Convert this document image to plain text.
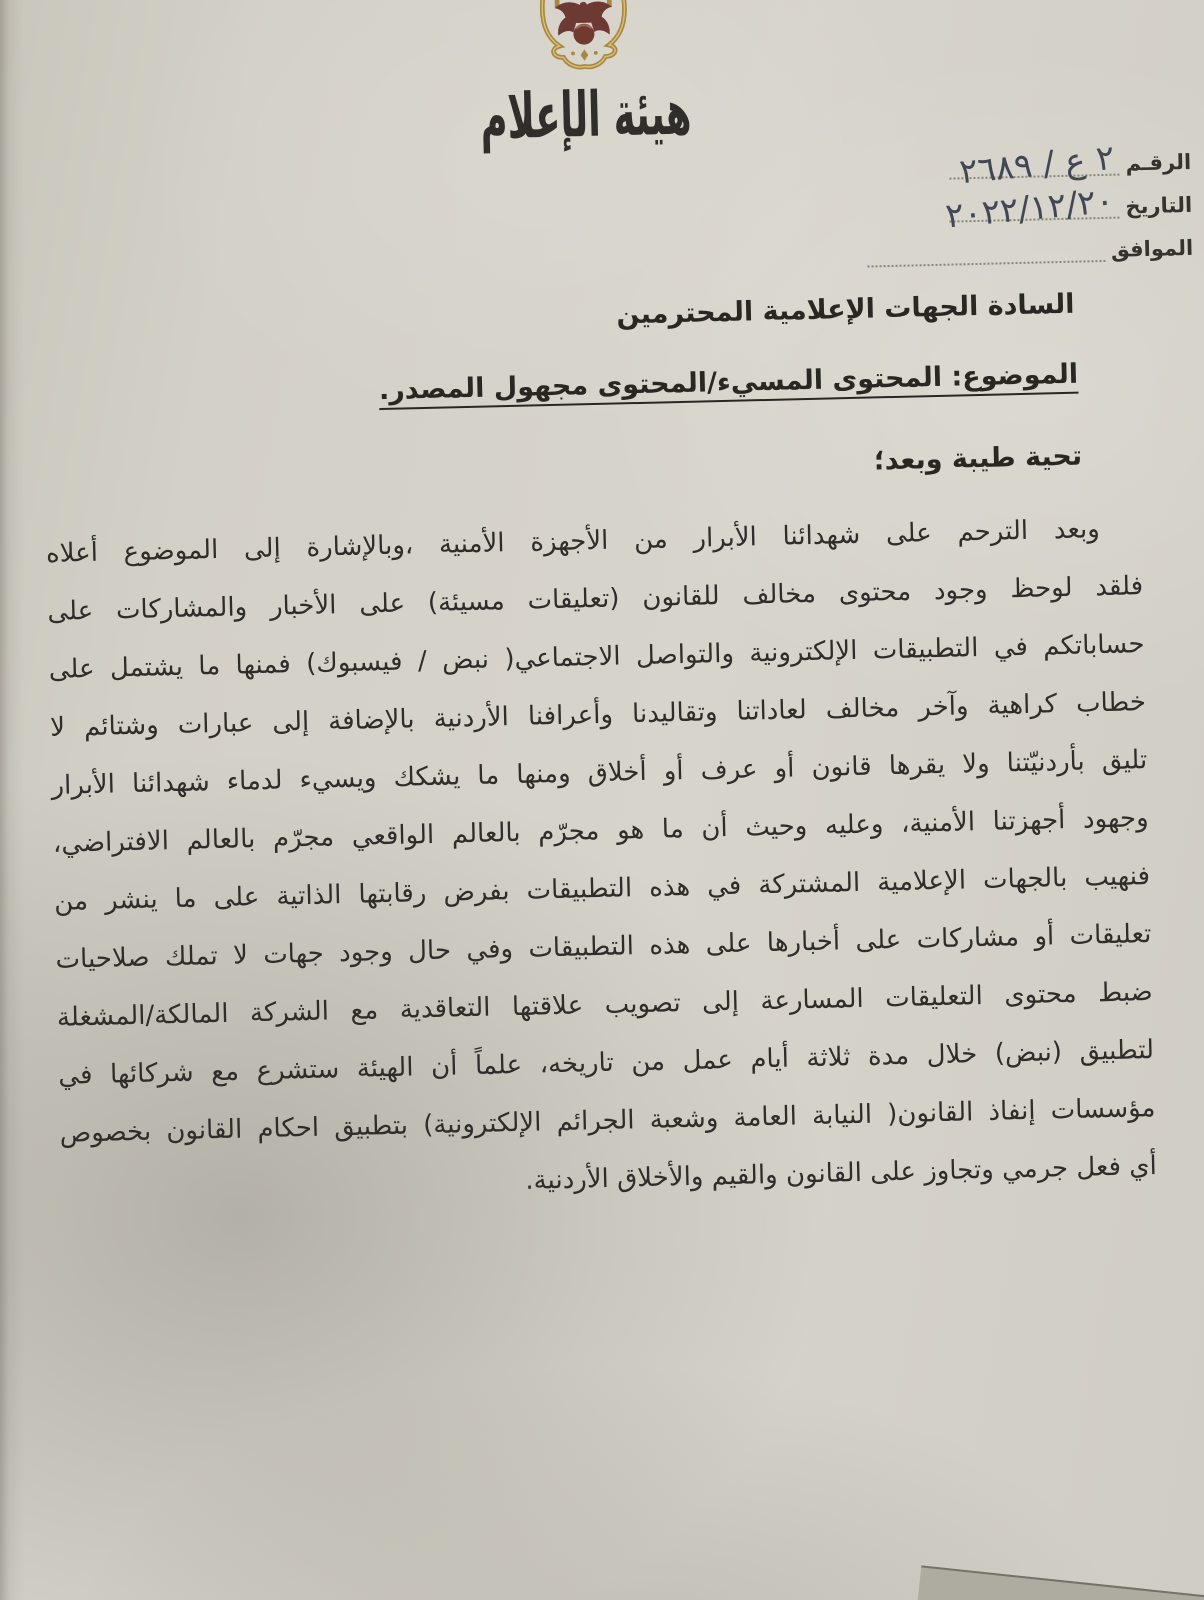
هيئة الإعلام
الرقـم
٢ ع / ٢٦٨٩
التاريخ
٢٠٢٢/١٢/٢٠
الموافق
السادة الجهات الإعلامية المحترمين
الموضوع: المحتوى المسيء/المحتوى مجهول المصدر.
تحية طيبة وبعد؛
وبعد الترحم على شهدائنا الأبرار من الأجهزة الأمنية ،وبالإشارة إلى الموضوع أعلاه
فلقد لوحظ وجود محتوى مخالف للقانون (تعليقات مسيئة) على الأخبار والمشاركات على
حساباتكم في التطبيقات الإلكترونية والتواصل الاجتماعي( نبض / فيسبوك) فمنها ما يشتمل على
خطاب كراهية وآخر مخالف لعاداتنا وتقاليدنا وأعرافنا الأردنية بالإضافة إلى عبارات وشتائم لا
تليق بأردنيّتنا ولا يقرها قانون أو عرف أو أخلاق ومنها ما يشكك ويسيء لدماء شهدائنا الأبرار
وجهود أجهزتنا الأمنية، وعليه وحيث أن ما هو مجرّم بالعالم الواقعي مجرّم بالعالم الافتراضي،
فنهيب بالجهات الإعلامية المشتركة في هذه التطبيقات بفرض رقابتها الذاتية على ما ينشر من
تعليقات أو مشاركات على أخبارها على هذه التطبيقات وفي حال وجود جهات لا تملك صلاحيات
ضبط محتوى التعليقات المسارعة إلى تصويب علاقتها التعاقدية مع الشركة المالكة/المشغلة
لتطبيق (نبض) خلال مدة ثلاثة أيام عمل من تاريخه، علماً أن الهيئة ستشرع مع شركائها في
مؤسسات إنفاذ القانون( النيابة العامة وشعبة الجرائم الإلكترونية) بتطبيق احكام القانون بخصوص
أي فعل جرمي وتجاوز على القانون والقيم والأخلاق الأردنية.
